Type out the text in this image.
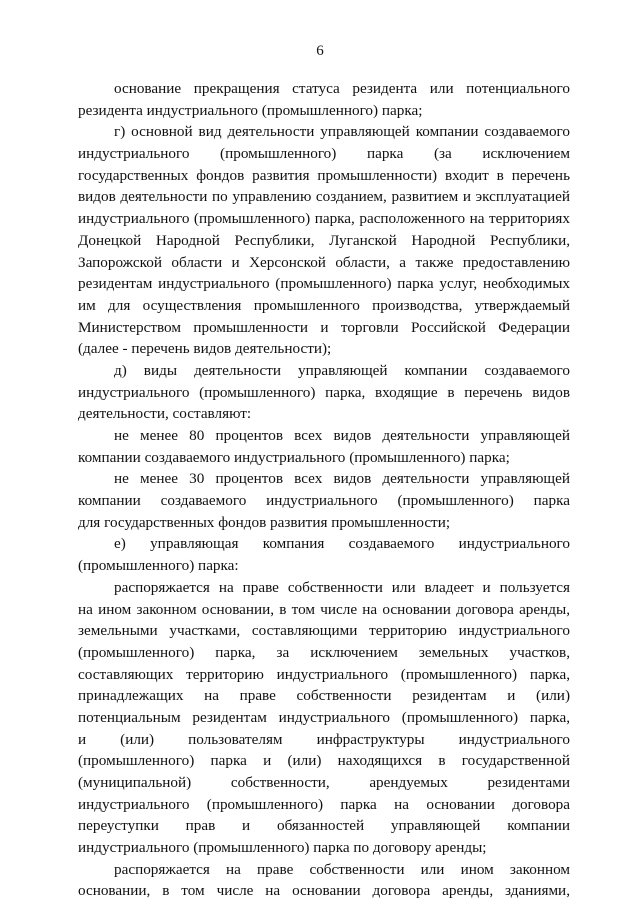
6
основание прекращения статуса резидента или потенциального
резидента индустриального (промышленного) парка;
г) основной вид деятельности управляющей компании создаваемого
индустриального (промышленного) парка (за исключением
государственных фондов развития промышленности) входит в перечень
видов деятельности по управлению созданием, развитием и эксплуатацией
индустриального (промышленного) парка, расположенного на территориях
Донецкой Народной Республики, Луганской Народной Республики,
Запорожской области и Херсонской области, а также предоставлению
резидентам индустриального (промышленного) парка услуг, необходимых
им для осуществления промышленного производства, утверждаемый
Министерством промышленности и торговли Российской Федерации
(далее - перечень видов деятельности);
д) виды деятельности управляющей компании создаваемого
индустриального (промышленного) парка, входящие в перечень видов
деятельности, составляют:
не менее 80 процентов всех видов деятельности управляющей
компании создаваемого индустриального (промышленного) парка;
не менее 30 процентов всех видов деятельности управляющей
компании создаваемого индустриального (промышленного) парка
для государственных фондов развития промышленности;
е) управляющая компания создаваемого индустриального
(промышленного) парка:
распоряжается на праве собственности или владеет и пользуется
на ином законном основании, в том числе на основании договора аренды,
земельными участками, составляющими территорию индустриального
(промышленного) парка, за исключением земельных участков,
составляющих территорию индустриального (промышленного) парка,
принадлежащих на праве собственности резидентам и (или)
потенциальным резидентам индустриального (промышленного) парка,
и (или) пользователям инфраструктуры индустриального
(промышленного) парка и (или) находящихся в государственной
(муниципальной) собственности, арендуемых резидентами
индустриального (промышленного) парка на основании договора
переуступки прав и обязанностей управляющей компании
индустриального (промышленного) парка по договору аренды;
распоряжается на праве собственности или ином законном
основании, в том числе на основании договора аренды, зданиями,
